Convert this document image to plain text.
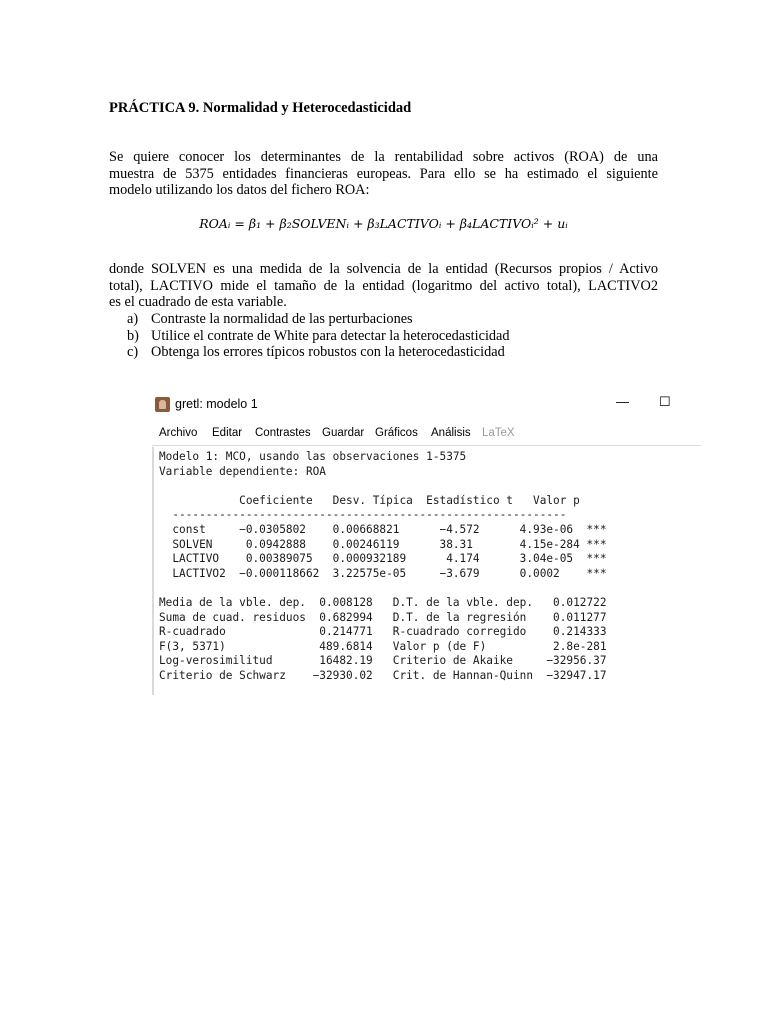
PRÁCTICA 9. Normalidad y Heterocedasticidad
Se quiere conocer los determinantes de la rentabilidad sobre activos (ROA) de una
muestra de 5375 entidades financieras europeas. Para ello se ha estimado el siguiente
modelo utilizando los datos del fichero ROA:
ROAᵢ = β₁ + β₂SOLVENᵢ + β₃LACTIVOᵢ + β₄LACTIVOᵢ² + uᵢ
donde SOLVEN es una medida de la solvencia de la entidad (Recursos propios / Activo
total), LACTIVO mide el tamaño de la entidad (logaritmo del activo total), LACTIVO2
es el cuadrado de esta variable.
a) Contraste la normalidad de las perturbaciones
b) Utilice el contrate de White para detectar la heterocedasticidad
c) Obtenga los errores típicos robustos con la heterocedasticidad
gretl: modelo 1	— ☐
Archivo Editar Contrastes Guardar Gráficos Análisis LaTeX
Modelo 1: MCO, usando las observaciones 1-5375
Variable dependiente: ROA

Coeficiente   Desv. Típica  Estadístico t   Valor p
-----------------------------------------------------------
const     −0.0305802    0.00668821      −4.572      4.93e-06  ***
SOLVEN     0.0942888    0.00246119      38.31       4.15e-284 ***
LACTIVO    0.00389075   0.000932189      4.174      3.04e-05  ***
LACTIVO2  −0.000118662  3.22575e-05     −3.679      0.0002    ***

Media de la vble. dep.  0.008128   D.T. de la vble. dep.   0.012722
Suma de cuad. residuos  0.682994   D.T. de la regresión    0.011277
R-cuadrado              0.214771   R-cuadrado corregido    0.214333
F(3, 5371)              489.6814   Valor p (de F)          2.8e-281
Log-verosimilitud       16482.19   Criterio de Akaike     −32956.37
Criterio de Schwarz    −32930.02   Crit. de Hannan-Quinn  −32947.17
